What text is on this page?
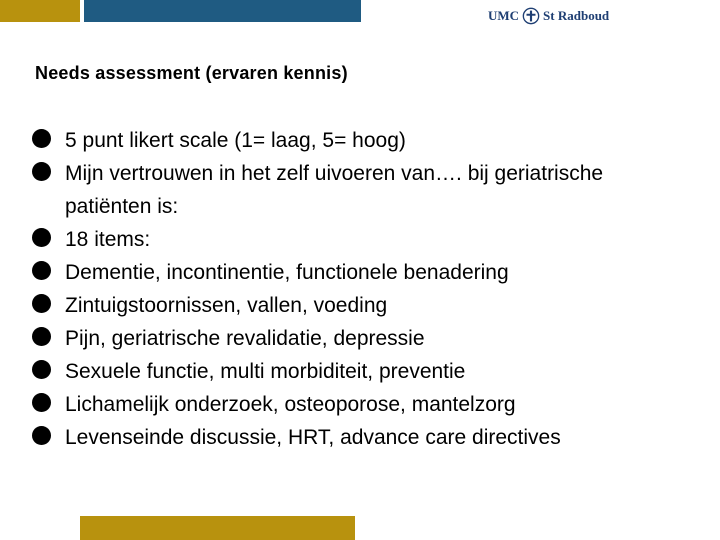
UMC St Radboud
Needs assessment (ervaren kennis)
5 punt likert scale (1= laag, 5= hoog)
Mijn vertrouwen in het zelf uivoeren van…. bij geriatrische patiënten is:
18 items:
Dementie, incontinentie, functionele benadering
Zintuigstoornissen, vallen, voeding
Pijn, geriatrische revalidatie, depressie
Sexuele functie, multi morbiditeit, preventie
Lichamelijk onderzoek, osteoporose, mantelzorg
Levenseinde discussie, HRT, advance care directives
